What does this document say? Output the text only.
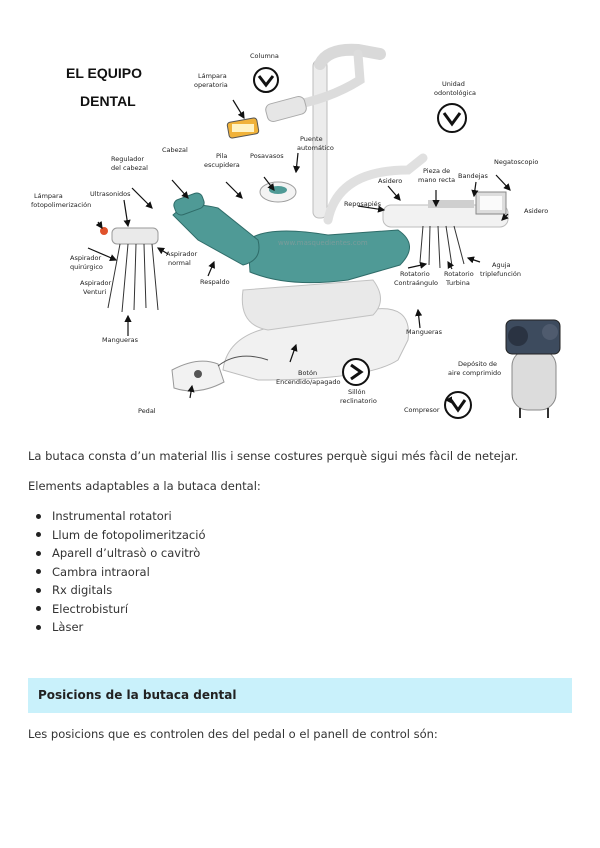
EL EQUIPO
DENTAL
www.masquedientes.com
Columna
Lámpara
operatoria	Unidad
odontológica
Cabezal
Regulador
del cabezal
Pila
escupidera
Posavasos
Puente
automático
Negatoscopio
Asidero
Pieza de
mano recta Bandejas
Asidero
Lámpara
fotopolimerización
Ultrasonidos
Reposapiés
Aspirador
quirúrgico
Aspirador
normal
Respaldo
Aspirador
Venturi
Rotatorio
Contraángulo
Rotatorio
Turbina
Aguja
triplefunción
Mangueras
Mangueras
Depósito de
aire comprimido
Botón
Encendido/apagado
Sillón
reclinatorio
Compresor
Pedal

La butaca consta d’un material llis i sense costures perquè sigui més fàcil de netejar.

Elements adaptables a la butaca dental:

Instrumental rotatori
Llum de fotopolimerització
Aparell d’ultrasò o cavitrò
Cambra intraoral
Rx digitals
Electrobisturí
Làser
Posicions de la butaca dental

Les posicions que es controlen des del pedal o el panell de control són:
